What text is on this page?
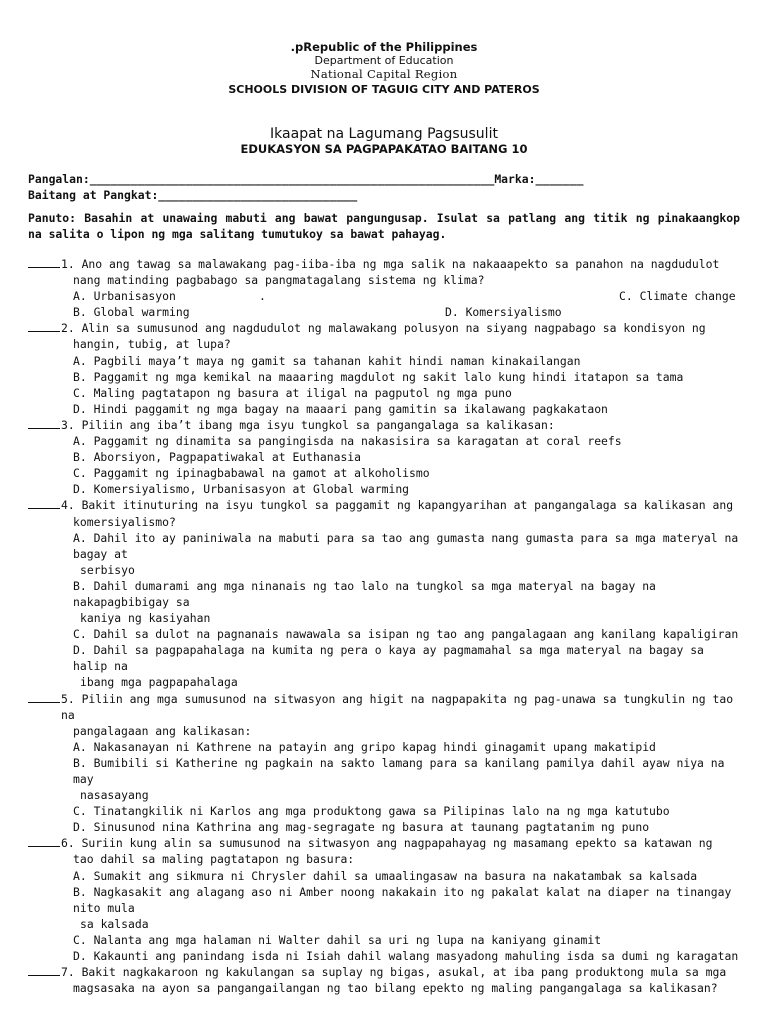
.pRepublic of the Philippines
Department of Education
National Capital Region
SCHOOLS DIVISION OF TAGUIG CITY AND PATEROS
Ikaapat na Lagumang Pagsusulit
EDUKASYON SA PAGPAPAKATAO BAITANG 10
Pangalan:___________________________________________________________Marka:_______
Baitang at Pangkat:_____________________________
Panuto: Basahin at unawaing mabuti ang bawat pangungusap. Isulat sa patlang ang titik ng pinakaangkop na salita o lipon ng mga salitang tumutukoy sa bawat pahayag.
1. Ano ang tawag sa malawakang pag-iiba-iba ng mga salik na nakaaapekto sa panahon na nagdudulot
nang matinding pagbabago sa pangmatagalang sistema ng klima?
A. Urbanisasyon	.	C. Climate change
B. Global warming	D. Komersiyalismo
2. Alin sa sumusunod ang nagdudulot ng malawakang polusyon na siyang nagpabago sa kondisyon ng
hangin, tubig, at lupa?
A. Pagbili maya’t maya ng gamit sa tahanan kahit hindi naman kinakailangan
B. Paggamit ng mga kemikal na maaaring magdulot ng sakit lalo kung hindi itatapon sa tama
C. Maling pagtatapon ng basura at iligal na pagputol ng mga puno
D. Hindi paggamit ng mga bagay na maaari pang gamitin sa ikalawang pagkakataon
3. Piliin ang iba’t ibang mga isyu tungkol sa pangangalaga sa kalikasan:
A. Paggamit ng dinamita sa pangingisda na nakasisira sa karagatan at coral reefs
B. Aborsiyon, Pagpapatiwakal at Euthanasia
C. Paggamit ng ipinagbabawal na gamot at alkoholismo
D. Komersiyalismo, Urbanisasyon at Global warming
4. Bakit itinuturing na isyu tungkol sa paggamit ng kapangyarihan at pangangalaga sa kalikasan ang
komersiyalismo?
A. Dahil ito ay paniniwala na mabuti para sa tao ang gumasta nang gumasta para sa mga materyal na
bagay at
serbisyo
B. Dahil dumarami ang mga ninanais ng tao lalo na tungkol sa mga materyal na bagay na
nakapagbibigay sa
kaniya ng kasiyahan
C. Dahil sa dulot na pagnanais nawawala sa isipan ng tao ang pangalagaan ang kanilang kapaligiran
D. Dahil sa pagpapahalaga na kumita ng pera o kaya ay pagmamahal sa mga materyal na bagay sa
halip na
ibang mga pagpapahalaga
5. Piliin ang mga sumusunod na sitwasyon ang higit na nagpapakita ng pag-unawa sa tungkulin ng tao na
pangalagaan ang kalikasan:
A. Nakasanayan ni Kathrene na patayin ang gripo kapag hindi ginagamit upang makatipid
B. Bumibili si Katherine ng pagkain na sakto lamang para sa kanilang pamilya dahil ayaw niya na may
nasasayang
C. Tinatangkilik ni Karlos ang mga produktong gawa sa Pilipinas lalo na ng mga katutubo
D. Sinusunod nina Kathrina ang mag-segragate ng basura at taunang pagtatanim ng puno
6. Suriin kung alin sa sumusunod na sitwasyon ang nagpapahayag ng masamang epekto sa katawan ng
tao dahil sa maling pagtatapon ng basura:
A. Sumakit ang sikmura ni Chrysler dahil sa umaalingasaw na basura na nakatambak sa kalsada
B. Nagkasakit ang alagang aso ni Amber noong nakakain ito ng pakalat kalat na diaper na tinangay
nito mula
sa kalsada
C. Nalanta ang mga halaman ni Walter dahil sa uri ng lupa na kaniyang ginamit
D. Kakaunti ang panindang isda ni Isiah dahil walang masyadong mahuling isda sa dumi ng karagatan
7. Bakit nagkakaroon ng kakulangan sa suplay ng bigas, asukal, at iba pang produktong mula sa mga
magsasaka na ayon sa pangangailangan ng tao bilang epekto ng maling pangangalaga sa kalikasan?
